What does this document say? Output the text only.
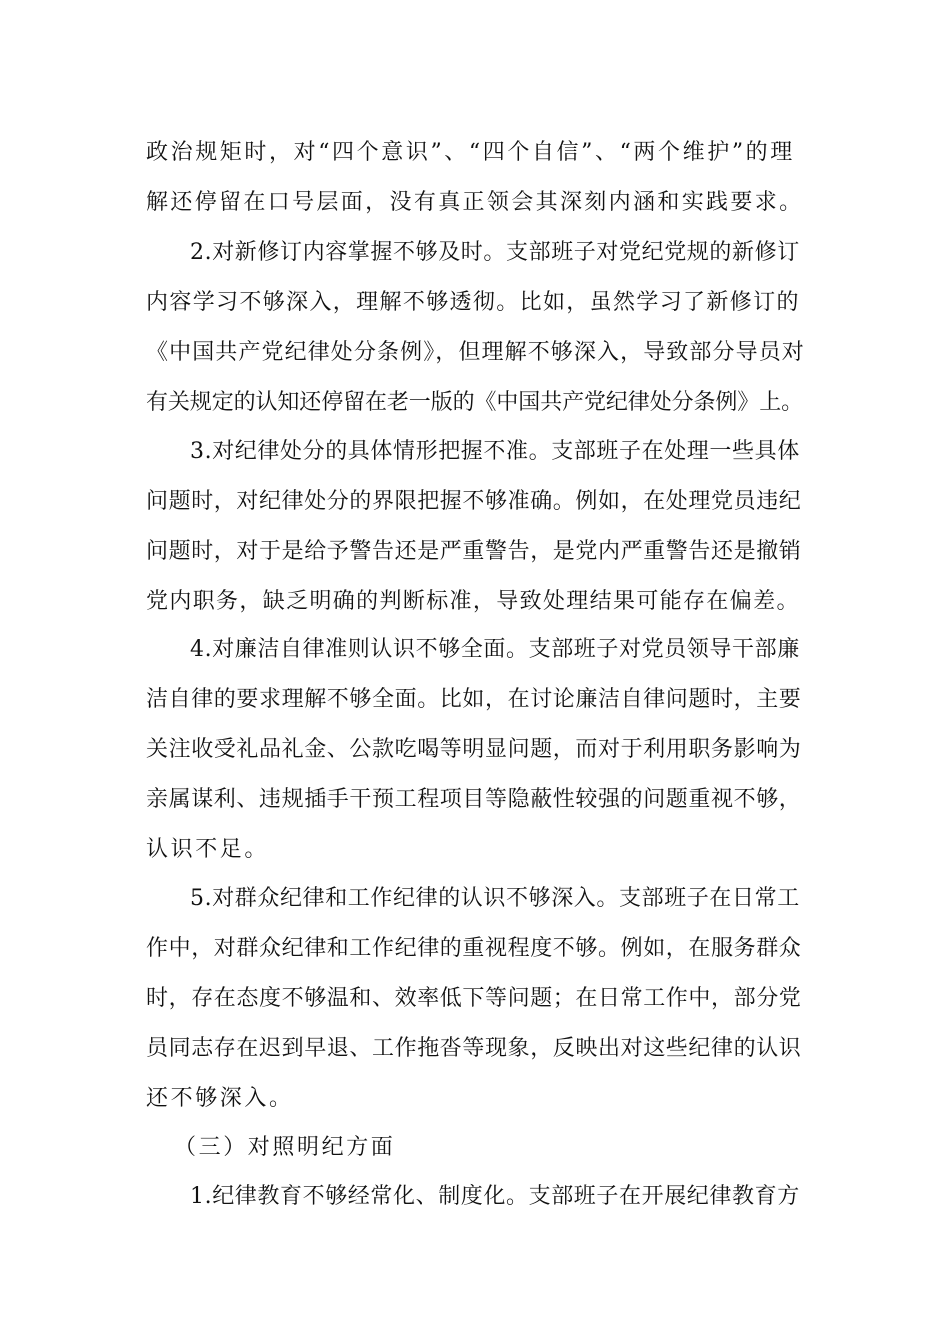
政治规矩时，对“四个意识”、“四个自信”、“两个维护”的理
解还停留在口号层面，没有真正领会其深刻内涵和实践要求。
2.对新修订内容掌握不够及时。支部班子对党纪党规的新修订
内容学习不够深入，理解不够透彻。比如，虽然学习了新修订的
《中国共产党纪律处分条例》，但理解不够深入，导致部分导员对
有关规定的认知还停留在老一版的《中国共产党纪律处分条例》上。
3.对纪律处分的具体情形把握不准。支部班子在处理一些具体
问题时，对纪律处分的界限把握不够准确。例如，在处理党员违纪
问题时，对于是给予警告还是严重警告，是党内严重警告还是撤销
党内职务，缺乏明确的判断标准，导致处理结果可能存在偏差。
4.对廉洁自律准则认识不够全面。支部班子对党员领导干部廉
洁自律的要求理解不够全面。比如，在讨论廉洁自律问题时，主要
关注收受礼品礼金、公款吃喝等明显问题，而对于利用职务影响为
亲属谋利、违规插手干预工程项目等隐蔽性较强的问题重视不够，
认识不足。
5.对群众纪律和工作纪律的认识不够深入。支部班子在日常工
作中，对群众纪律和工作纪律的重视程度不够。例如，在服务群众
时，存在态度不够温和、效率低下等问题；在日常工作中，部分党
员同志存在迟到早退、工作拖沓等现象，反映出对这些纪律的认识
还不够深入。
（三）对照明纪方面
1.纪律教育不够经常化、制度化。支部班子在开展纪律教育方
